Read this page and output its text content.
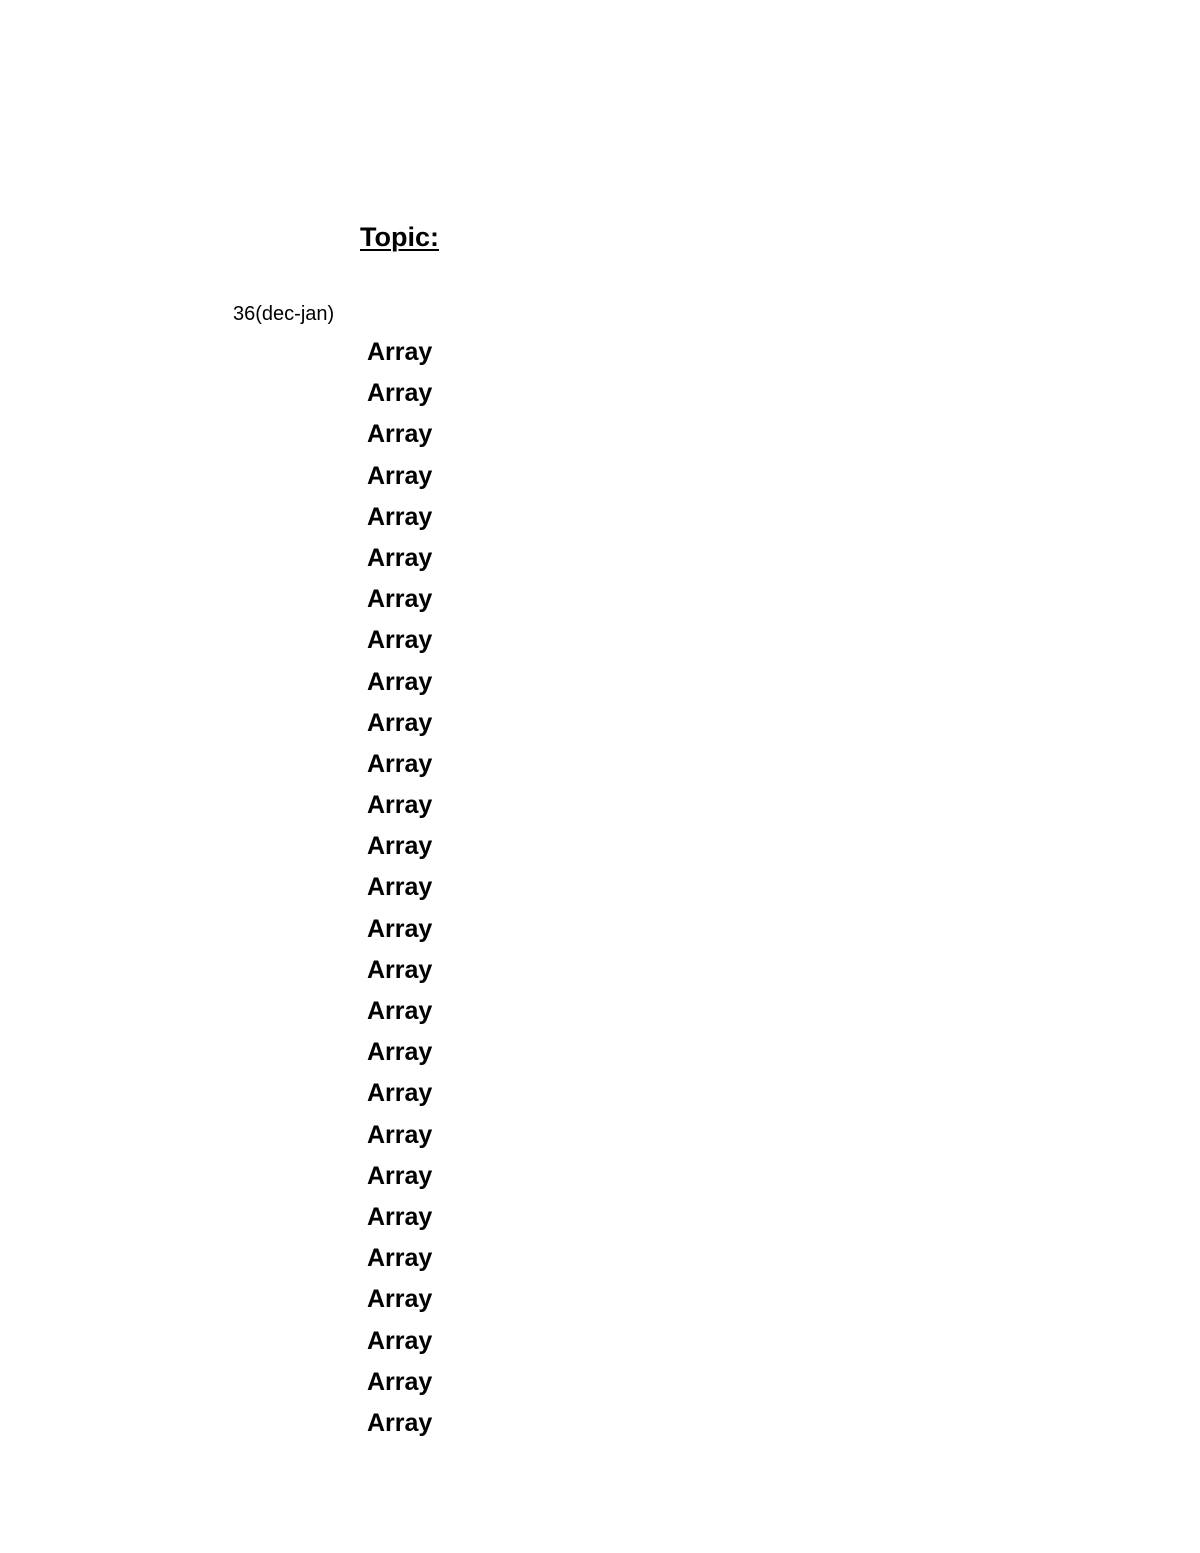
Topic:
36(dec-jan)
Array
Array
Array
Array
Array
Array
Array
Array
Array
Array
Array
Array
Array
Array
Array
Array
Array
Array
Array
Array
Array
Array
Array
Array
Array
Array
Array
